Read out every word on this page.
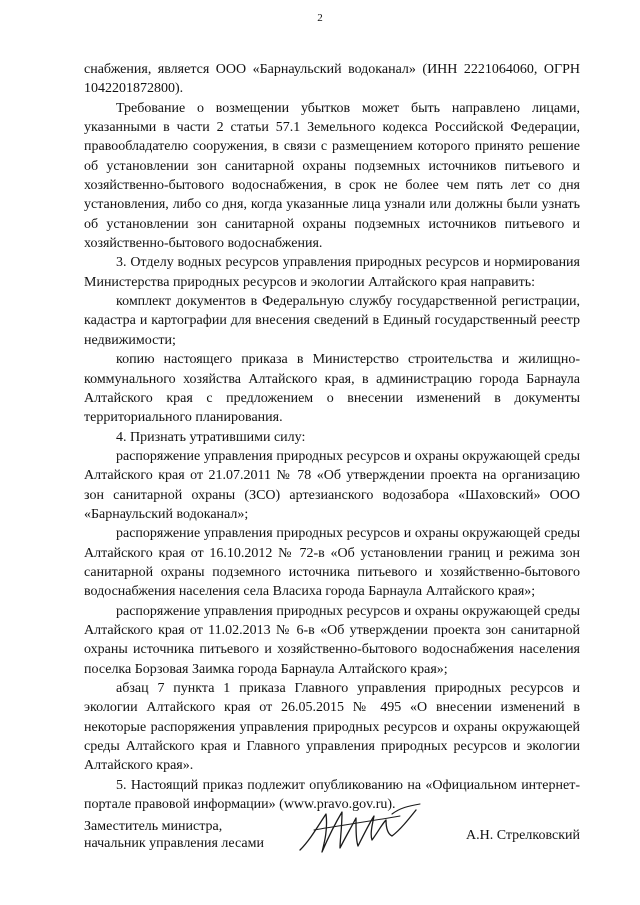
2

снабжения, является ООО «Барнаульский водоканал» (ИНН 2221064060, ОГРН 1042201872800).

Требование о возмещении убытков может быть направлено лицами, указанными в части 2 статьи 57.1 Земельного кодекса Российской Федерации, правообладателю сооружения, в связи с размещением которого принято решение об установлении зон санитарной охраны подземных источников питьевого и хозяйственно-бытового водоснабжения, в срок не более чем пять лет со дня установления, либо со дня, когда указанные лица узнали или должны были узнать об установлении зон санитарной охраны подземных источников питьевого и хозяйственно-бытового водоснабжения.

3. Отделу водных ресурсов управления природных ресурсов и нормирования Министерства природных ресурсов и экологии Алтайского края направить:

комплект документов в Федеральную службу государственной регистрации, кадастра и картографии для внесения сведений в Единый государственный реестр недвижимости;

копию настоящего приказа в Министерство строительства и жилищно-коммунального хозяйства Алтайского края, в администрацию города Барнаула Алтайского края с предложением о внесении изменений в документы территориального планирования.

4. Признать утратившими силу:

распоряжение управления природных ресурсов и охраны окружающей среды Алтайского края от 21.07.2011 № 78 «Об утверждении проекта на организацию зон санитарной охраны (ЗСО) артезианского водозабора «Шаховский» ООО «Барнаульский водоканал»;

распоряжение управления природных ресурсов и охраны окружающей среды Алтайского края от 16.10.2012 № 72-в «Об установлении границ и режима зон санитарной охраны подземного источника питьевого и хозяйственно-бытового водоснабжения населения села Власиха города Барнаула Алтайского края»;

распоряжение управления природных ресурсов и охраны окружающей среды Алтайского края от 11.02.2013 № 6-в «Об утверждении проекта зон санитарной охраны источника питьевого и хозяйственно-бытового водоснабжения населения поселка Борзовая Заимка города Барнаула Алтайского края»;

абзац 7 пункта 1 приказа Главного управления природных ресурсов и экологии Алтайского края от 26.05.2015 № 495 «О внесении изменений в некоторые распоряжения управления природных ресурсов и охраны окружающей среды Алтайского края и Главного управления природных ресурсов и экологии Алтайского края».

5. Настоящий приказ подлежит опубликованию на «Официальном интернет-портале правовой информации» (www.pravo.gov.ru).

Заместитель министра,
начальник управления лесами
А.Н. Стрелковский
